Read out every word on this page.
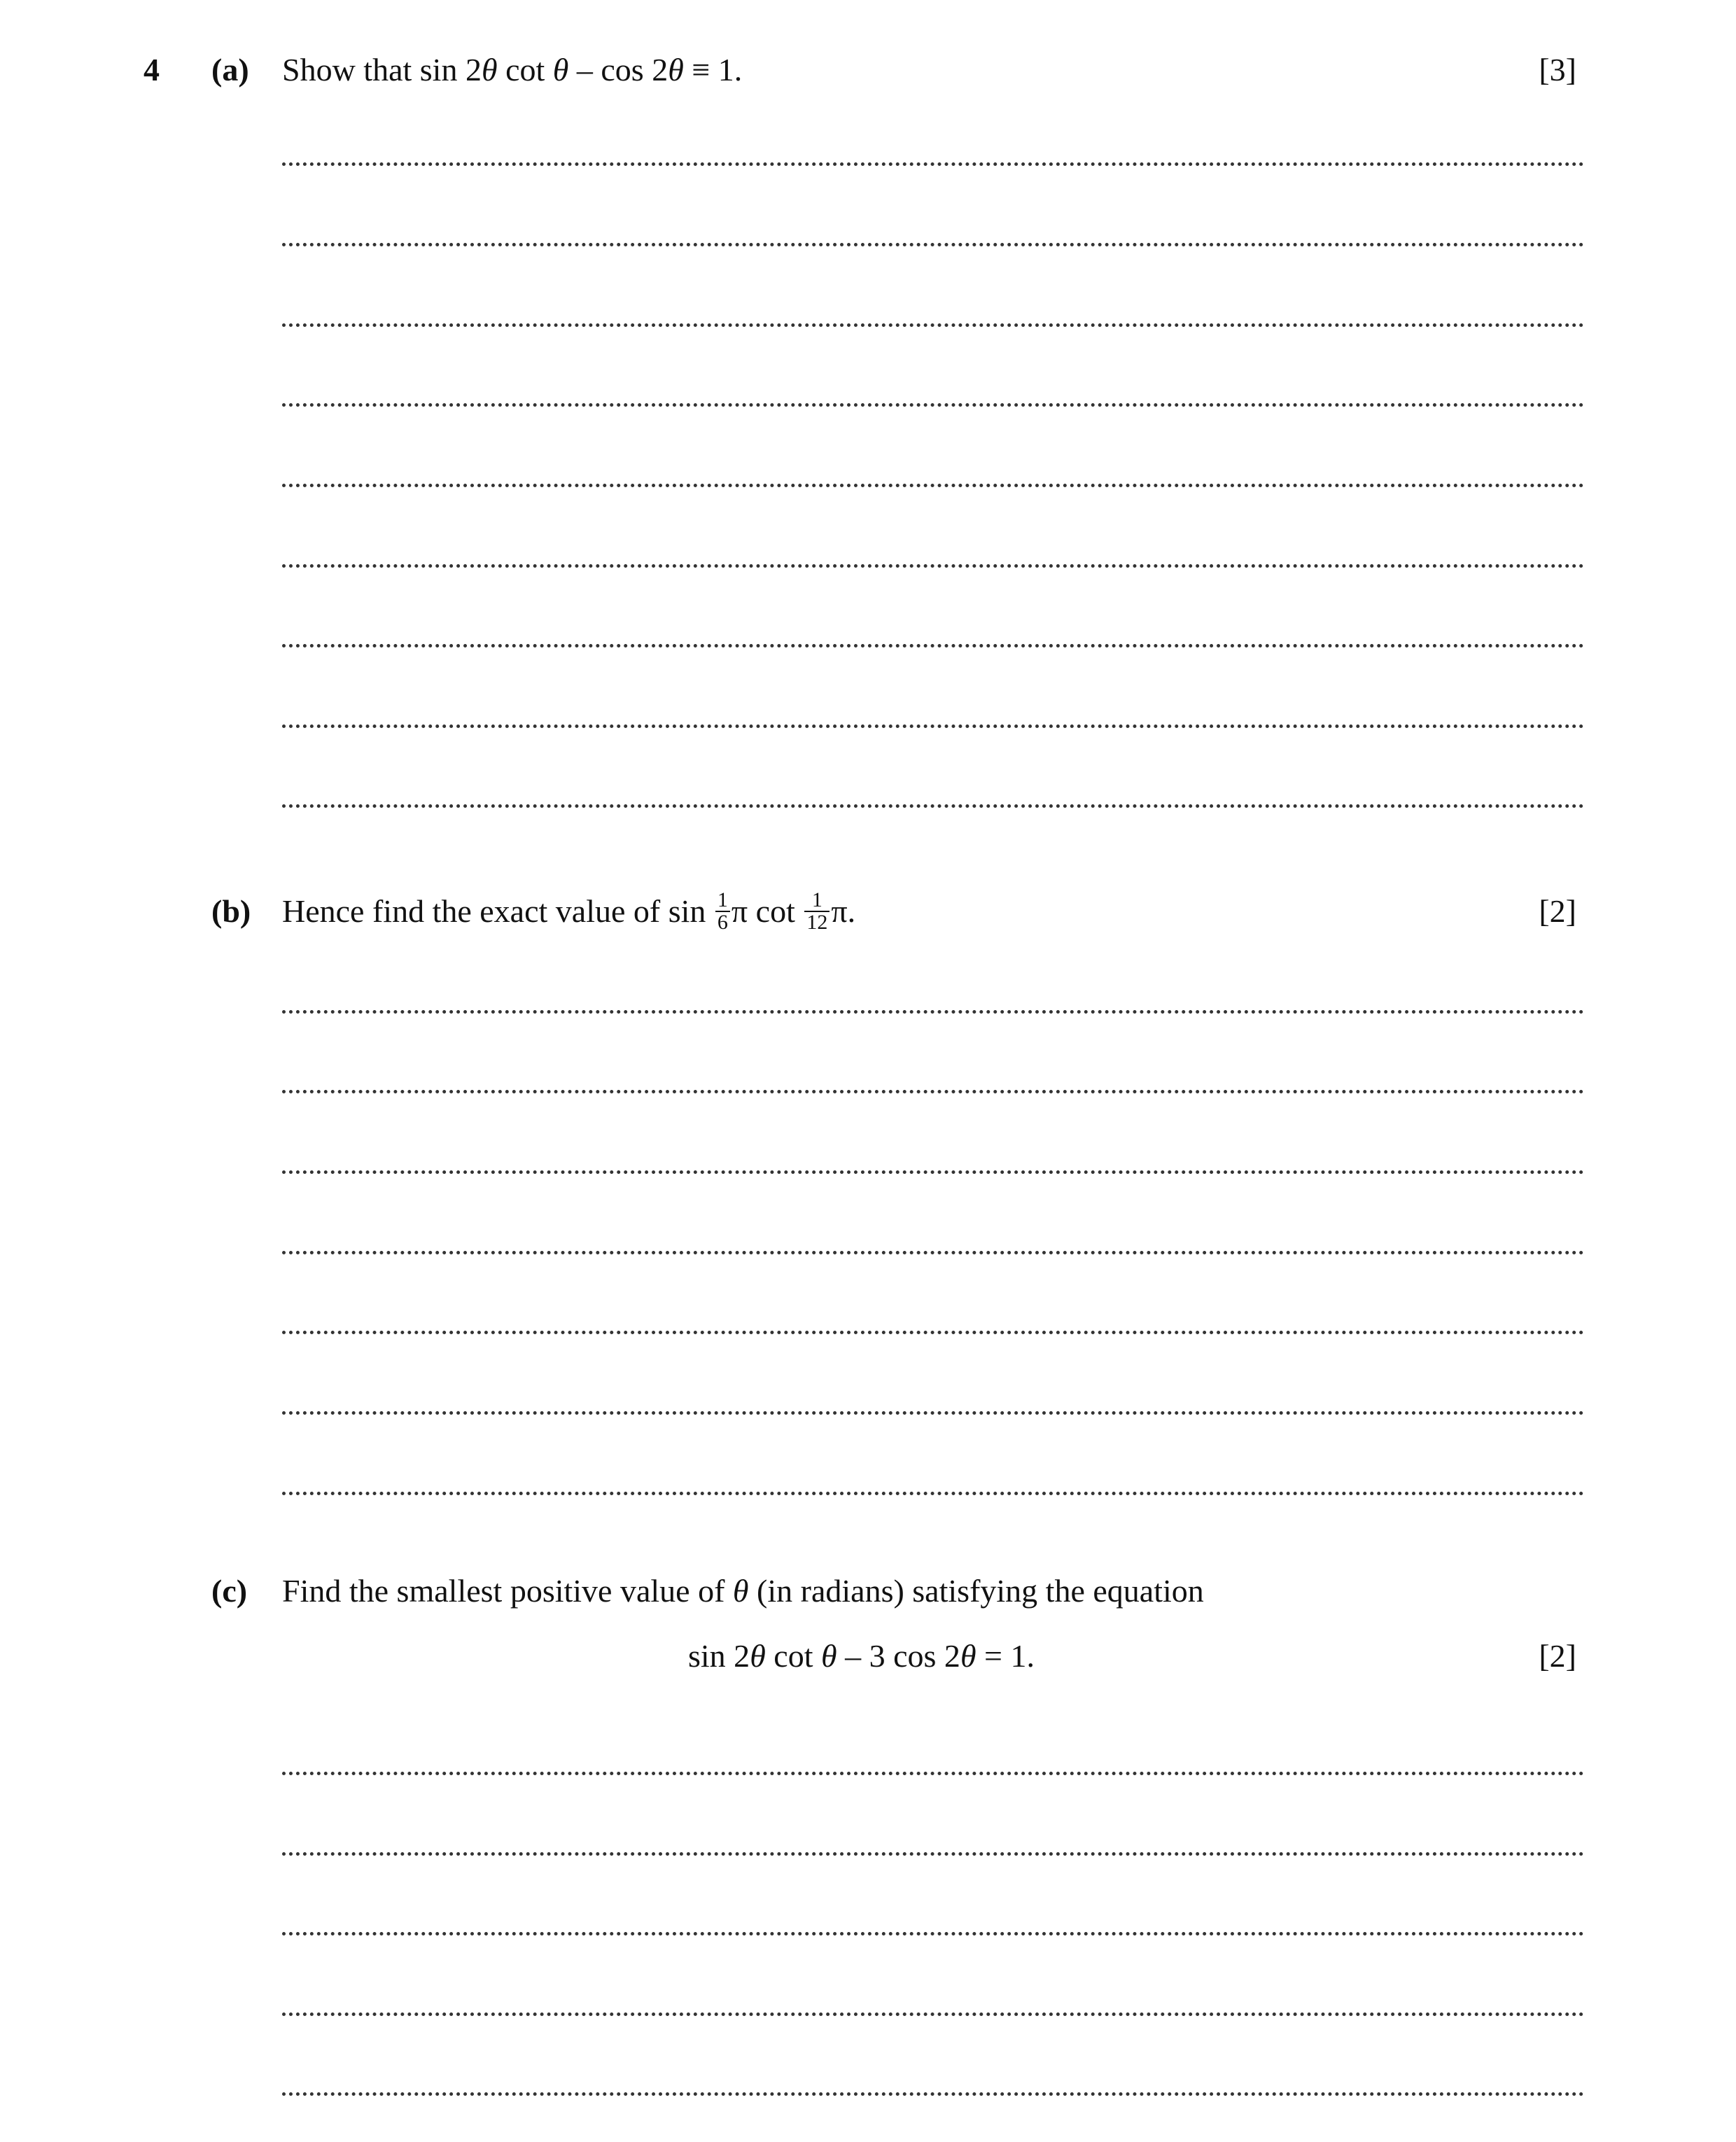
4 (a) Show that sin 2θ cot θ – cos 2θ ≡ 1.	[3]
(b) Hence find the exact value of $\sin \frac{1}{6}$ π $\cot \frac{1}{12} \pi$.	[2]
(c) Find the smallest positive value of θ (in radians) satisfying the equation
sin 2θ cot θ – 3 cos 2θ = 1.	[2]
